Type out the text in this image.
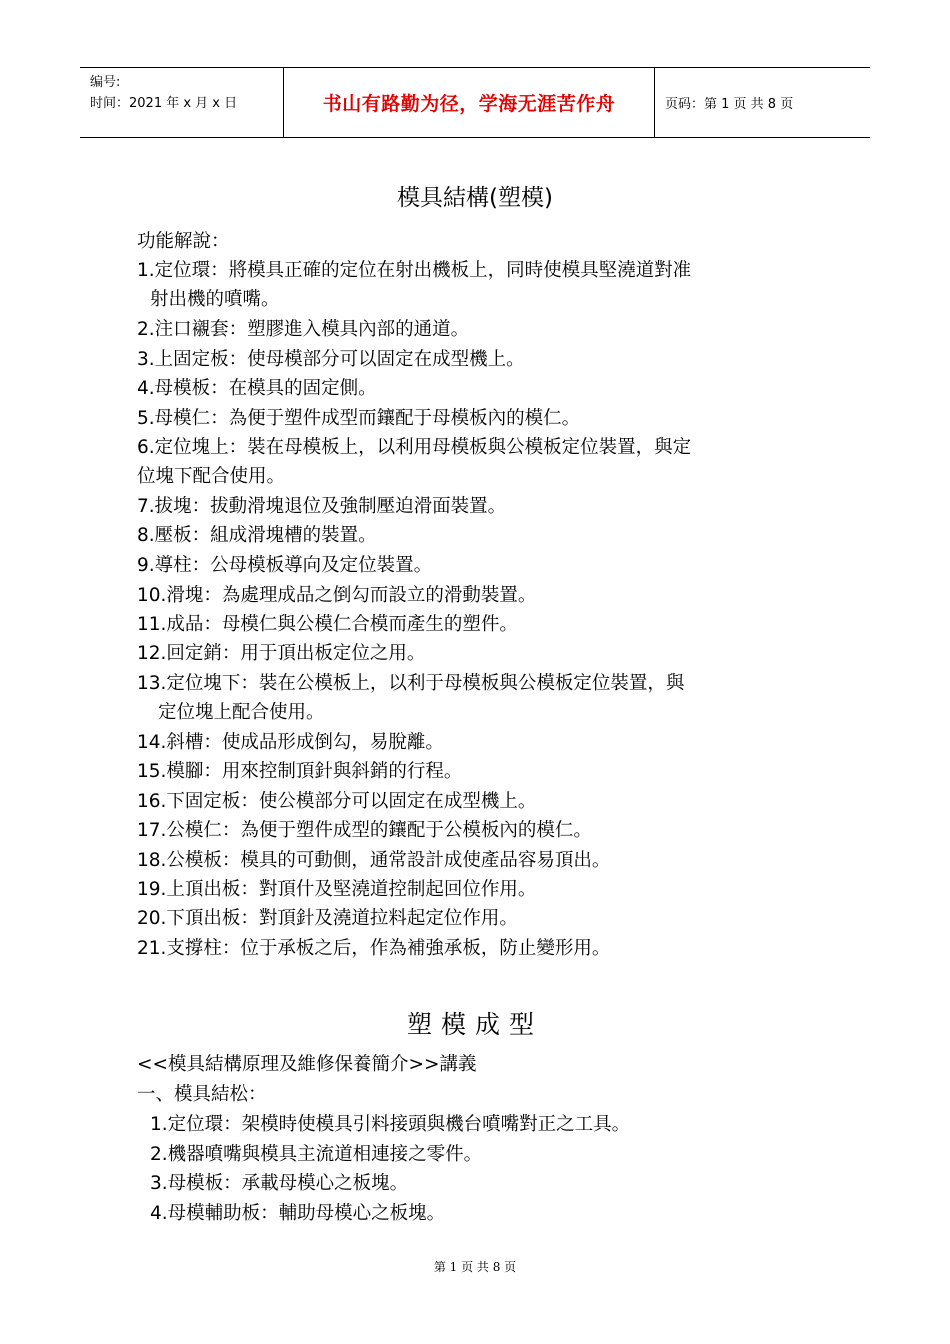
编号:
时间：2021 年 x 月 x 日	书山有路勤为径，学海无涯苦作舟	页码：第 1 页 共 8 页
模具結構(塑模)
功能解說：
1.定位環：將模具正確的定位在射出機板上，同時使模具堅澆道對准
射出機的噴嘴。
2.注口襯套：塑膠進入模具內部的通道。
3.上固定板：使母模部分可以固定在成型機上。
4.母模板：在模具的固定側。
5.母模仁：為便于塑件成型而鑲配于母模板內的模仁。
6.定位塊上：裝在母模板上，以利用母模板與公模板定位裝置，與定
位塊下配合使用。
7.拔塊：拔動滑塊退位及強制壓迫滑面裝置。
8.壓板：組成滑塊槽的裝置。
9.導柱：公母模板導向及定位裝置。
10.滑塊：為處理成品之倒勾而設立的滑動裝置。
11.成品：母模仁與公模仁合模而產生的塑件。
12.回定銷：用于頂出板定位之用。
13.定位塊下：裝在公模板上，以利于母模板與公模板定位裝置，與
定位塊上配合使用。
14.斜槽：使成品形成倒勾，易脫離。
15.模腳：用來控制頂針與斜銷的行程。
16.下固定板：使公模部分可以固定在成型機上。
17.公模仁：為便于塑件成型的鑲配于公模板內的模仁。
18.公模板：模具的可動側，通常設計成使產品容易頂出。
19.上頂出板：對頂什及堅澆道控制起回位作用。
20.下頂出板：對頂針及澆道拉料起定位作用。
21.支撐柱：位于承板之后，作為補強承板，防止變形用。
塑模成型
<<模具結構原理及維修保養簡介>>講義
一、模具結松：
1.定位環：架模時使模具引料接頭與機台噴嘴對正之工具。
2.機器噴嘴與模具主流道相連接之零件。
3.母模板：承載母模心之板塊。
4.母模輔助板：輔助母模心之板塊。
第 1 页 共 8 页
